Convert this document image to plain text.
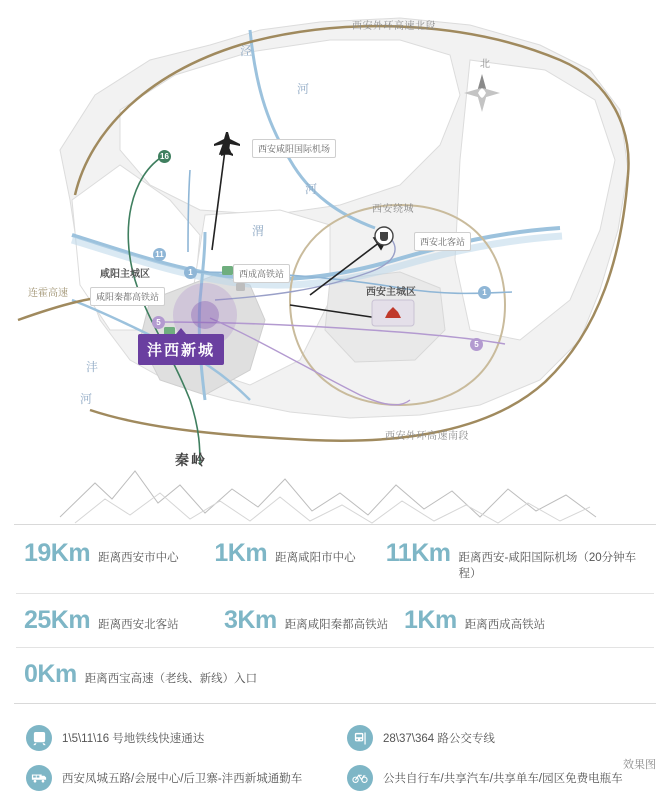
西安外环高速北段
西安外环高速南段
连霍高速
泾
河
渭
河
沣
河
西安绕城
咸阳主城区
西安主城区
西安咸阳国际机场
西安北客站
西成高铁站
咸阳秦都高铁站
16
11
1
5
1
5
沣西新城
北
秦岭
19Km 距离西安市中心 1Km 距离咸阳市中心 11Km 距离西安-咸阳国际机场（20分钟车程）
25Km 距离西安北客站 3Km 距离咸阳秦都高铁站 1Km 距离西成高铁站
0Km 距离西宝高速（老线、新线）入口
1\5\11\16 号地铁线快速通达	28\37\364 路公交专线
西安凤城五路/会展中心/后卫寨-沣西新城通勤车	公共自行车/共享汽车/共享单车/园区免费电瓶车
效果图
